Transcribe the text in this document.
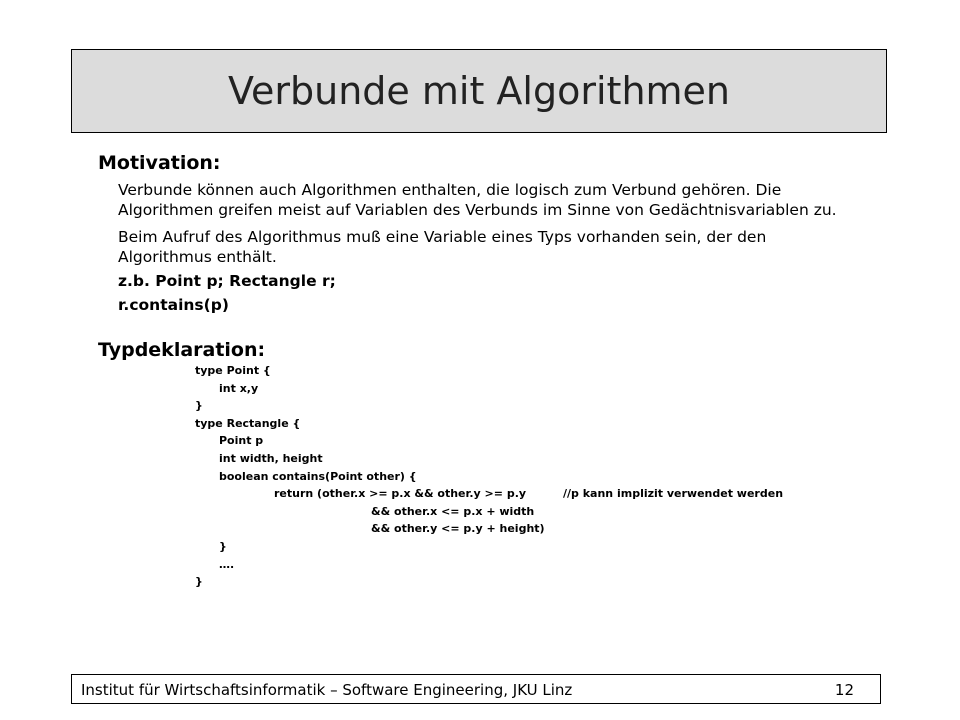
Verbunde mit Algorithmen
Motivation:
Verbunde können auch Algorithmen enthalten, die logisch zum Verbund gehören. Die
Algorithmen greifen meist auf Variablen des Verbunds im Sinne von Gedächtnisvariablen zu.
Beim Aufruf des Algorithmus muß eine Variable eines Typs vorhanden sein, der den
Algorithmus enthält.
z.b. Point p; Rectangle r;
r.contains(p)
Typdeklaration:
type Point {
int x,y
}
type Rectangle {
Point p
int width, height
boolean contains(Point other) {
return (other.x >= p.x && other.y >= p.y	//p kann implizit verwendet werden
&& other.x <= p.x + width
&& other.y <= p.y + height)
}
….
}
Institut für Wirtschaftsinformatik – Software Engineering, JKU Linz	12
